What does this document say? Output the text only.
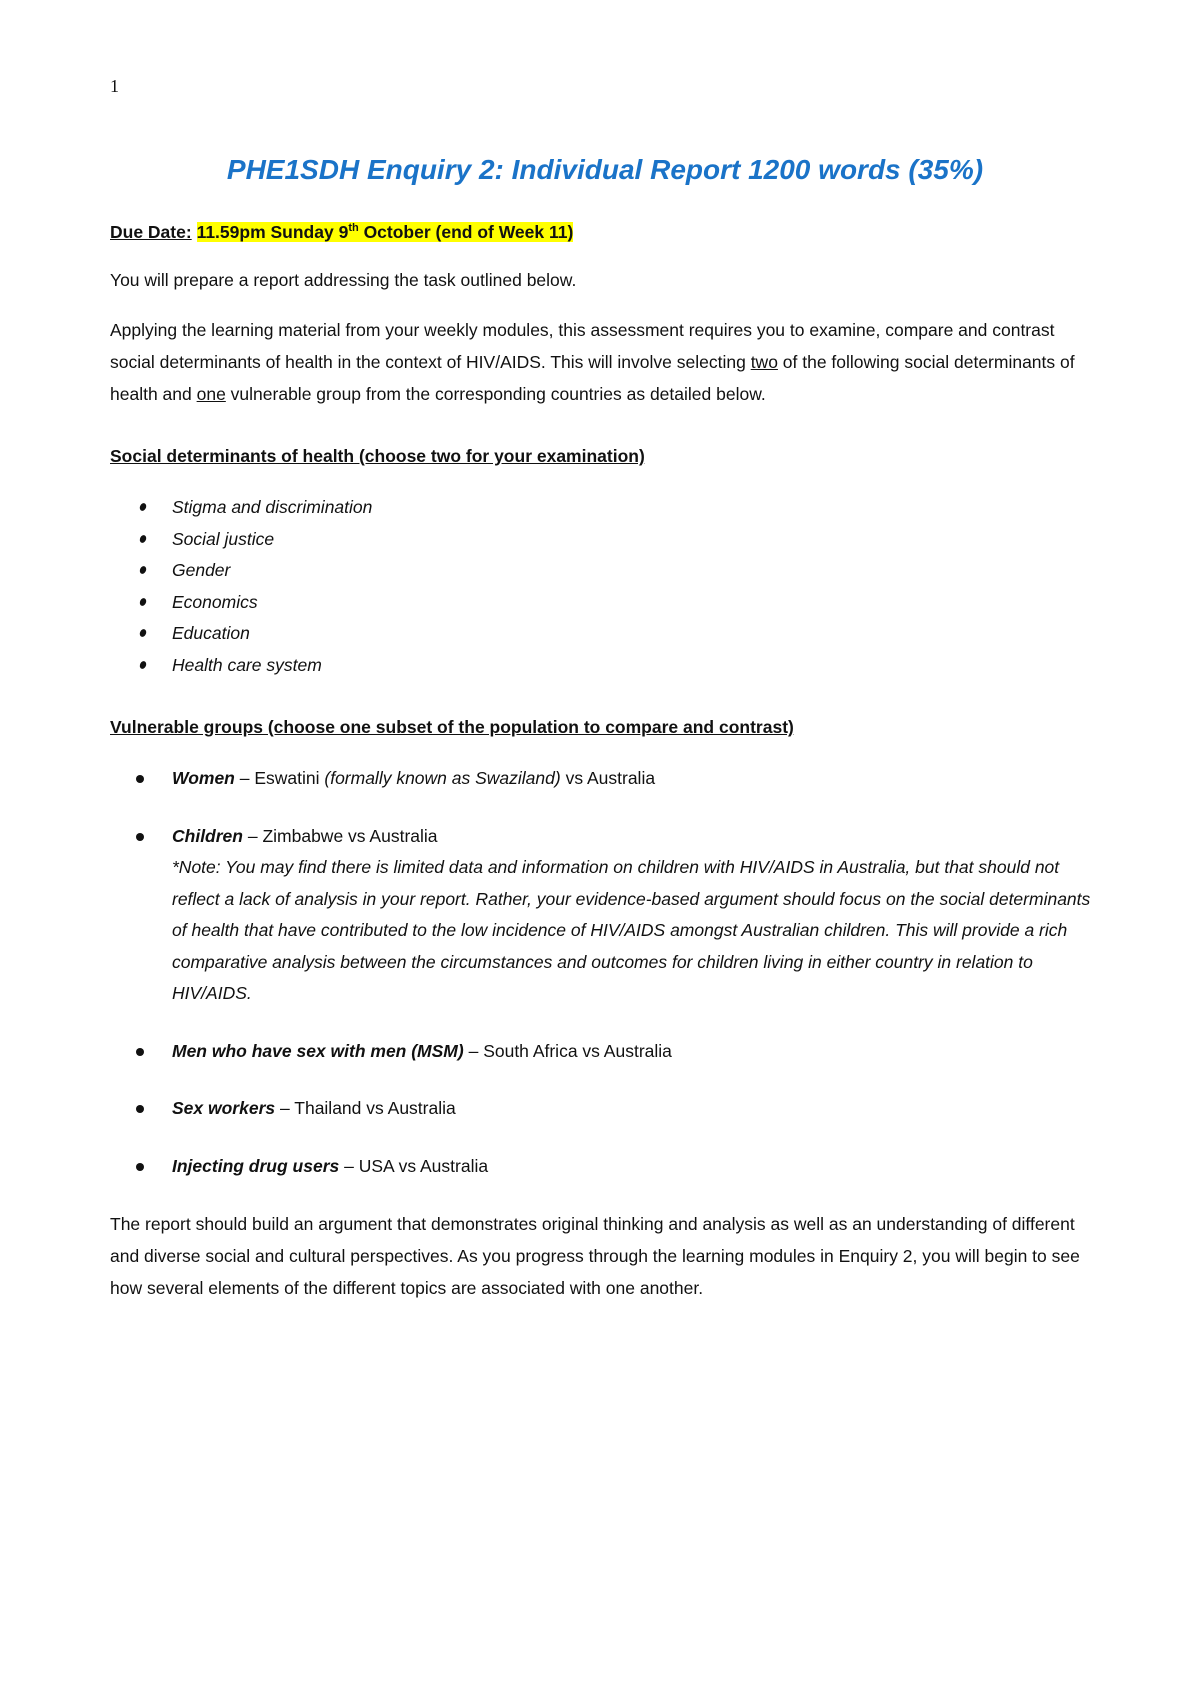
1
PHE1SDH Enquiry 2: Individual Report 1200 words (35%)

Due Date: 11.59pm Sunday 9th October (end of Week 11)

You will prepare a report addressing the task outlined below.

Applying the learning material from your weekly modules, this assessment requires you to examine, compare and contrast social determinants of health in the context of HIV/AIDS. This will involve selecting two of the following social determinants of health and one vulnerable group from the corresponding countries as detailed below.

Social determinants of health (choose two for your examination)
Stigma and discrimination
Social justice
Gender
Economics
Education
Health care system
Vulnerable groups (choose one subset of the population to compare and contrast)
Women – Eswatini (formally known as Swaziland) vs Australia
Children – Zimbabwe vs Australia
*Note: You may find there is limited data and information on children with HIV/AIDS in Australia, but that should not reflect a lack of analysis in your report. Rather, your evidence-based argument should focus on the social determinants of health that have contributed to the low incidence of HIV/AIDS amongst Australian children. This will provide a rich comparative analysis between the circumstances and outcomes for children living in either country in relation to HIV/AIDS.
Men who have sex with men (MSM) – South Africa vs Australia
Sex workers – Thailand vs Australia
Injecting drug users – USA vs Australia

The report should build an argument that demonstrates original thinking and analysis as well as an understanding of different and diverse social and cultural perspectives. As you progress through the learning modules in Enquiry 2, you will begin to see how several elements of the different topics are associated with one another.
